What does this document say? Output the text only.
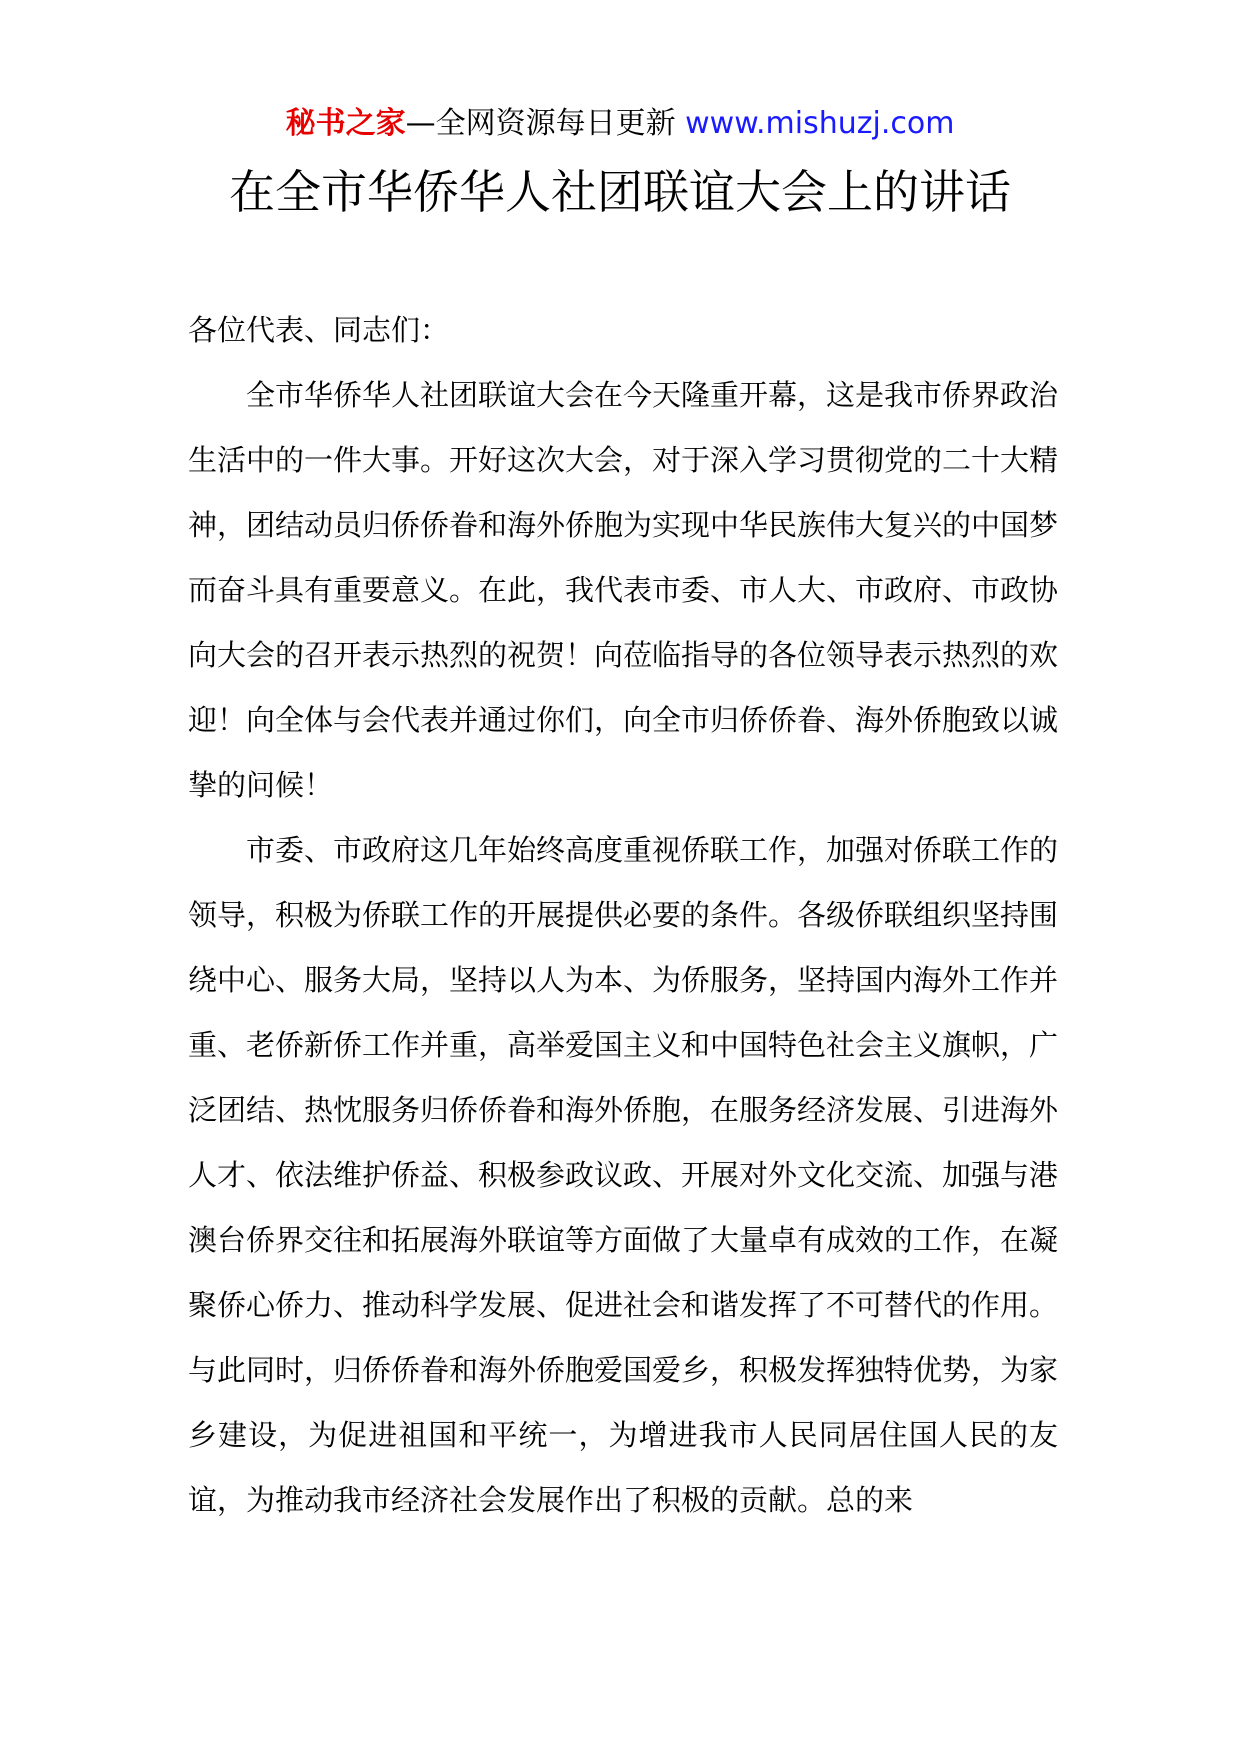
秘书之家—全网资源每日更新 www.mishuzj.com
在全市华侨华人社团联谊大会上的讲话

各位代表、同志们：

全市华侨华人社团联谊大会在今天隆重开幕，这是我市侨界政治生活中的一件大事。开好这次大会，对于深入学习贯彻党的二十大精神，团结动员归侨侨眷和海外侨胞为实现中华民族伟大复兴的中国梦而奋斗具有重要意义。在此，我代表市委、市人大、市政府、市政协向大会的召开表示热烈的祝贺！向莅临指导的各位领导表示热烈的欢迎！向全体与会代表并通过你们，向全市归侨侨眷、海外侨胞致以诚挚的问候！

市委、市政府这几年始终高度重视侨联工作，加强对侨联工作的领导，积极为侨联工作的开展提供必要的条件。各级侨联组织坚持围绕中心、服务大局，坚持以人为本、为侨服务，坚持国内海外工作并重、老侨新侨工作并重，高举爱国主义和中国特色社会主义旗帜，广泛团结、热忱服务归侨侨眷和海外侨胞，在服务经济发展、引进海外人才、依法维护侨益、积极参政议政、开展对外文化交流、加强与港澳台侨界交往和拓展海外联谊等方面做了大量卓有成效的工作，在凝聚侨心侨力、推动科学发展、促进社会和谐发挥了不可替代的作用。与此同时，归侨侨眷和海外侨胞爱国爱乡，积极发挥独特优势，为家乡建设，为促进祖国和平统一，为增进我市人民同居住国人民的友谊，为推动我市经济社会发展作出了积极的贡献。总的来
